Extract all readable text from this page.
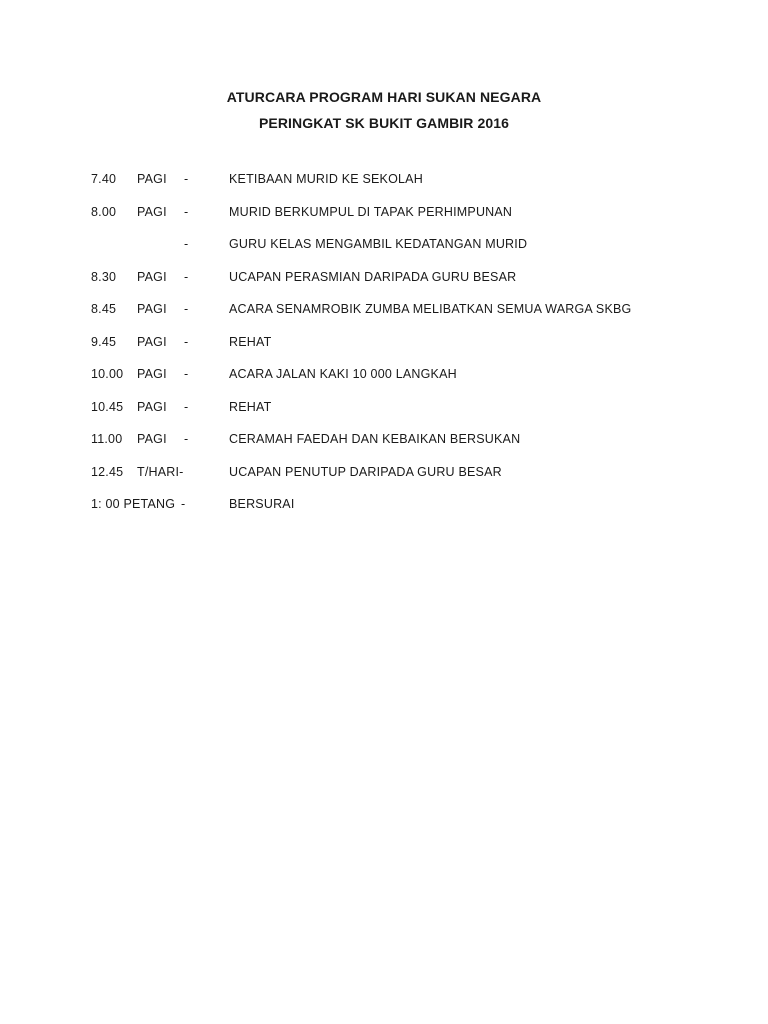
ATURCARA PROGRAM HARI SUKAN NEGARA
PERINGKAT SK BUKIT GAMBIR 2016
7.40 PAGI -	KETIBAAN MURID KE SEKOLAH
8.00 PAGI -	MURID BERKUMPUL DI TAPAK PERHIMPUNAN
-	GURU KELAS MENGAMBIL KEDATANGAN MURID
8.30 PAGI -	UCAPAN PERASMIAN DARIPADA GURU BESAR
8.45 PAGI -	ACARA SENAMROBIK ZUMBA MELIBATKAN SEMUA WARGA SKBG
9.45 PAGI -	REHAT
10.00 PAGI -	ACARA JALAN KAKI 10 000 LANGKAH
10.45 PAGI -	REHAT
11.00 PAGI -	CERAMAH FAEDAH DAN KEBAIKAN BERSUKAN
12.45 T/HARI-	UCAPAN PENUTUP DARIPADA GURU BESAR
1: 00 PETANG -	BERSURAI
